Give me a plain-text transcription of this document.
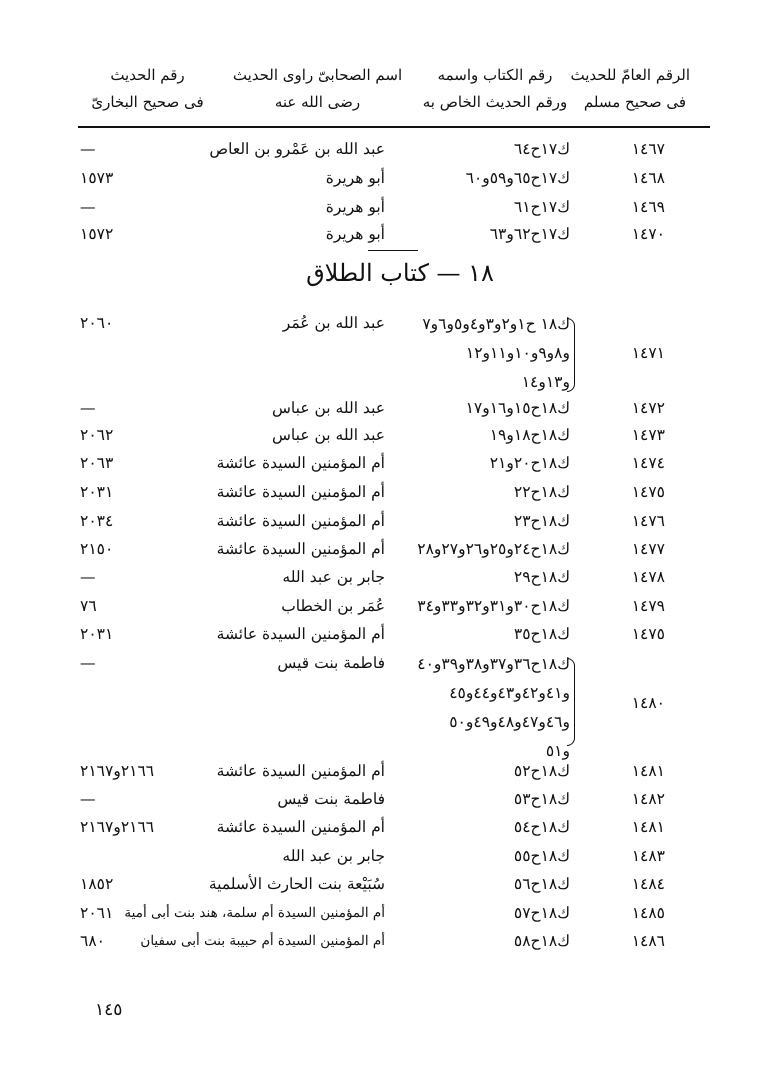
الرقم العامّ للحديث
فى صحيح مسلم
رقم الكتاب واسمه
ورقم الحديث الخاص به
اسم الصحابىّ راوى الحديث
رضى الله عنه
رقم الحديث
فى صحيح البخارىّ
١٤٦٧
ك١٧ح٦٤
عبد الله بن عَمْرو بن العاص
—
١٤٦٨
ك١٧ح٦٥و٥٩و٦٠
أبو هريرة
١٥٧٣
١٤٦٩
ك١٧ح٦١
أبو هريرة
—
١٤٧٠
ك١٧ح٦٢و٦٣
أبو هريرة
١٥٧٢
١٨ — كتاب الطلاق
١٤٧١
ك١٨ ح١و٢و٣و٤و٥و٦و٧
و٨و٩و١٠و١١و١٢
و١٣و١٤
عبد الله بن عُمَر
٢٠٦٠
١٤٧٢
ك١٨ح١٥و١٦و١٧
عبد الله بن عباس
—
١٤٧٣
ك١٨ح١٨و١٩
عبد الله بن عباس
٢٠٦٢
١٤٧٤
ك١٨ح٢٠و٢١
أم المؤمنين السيدة عائشة
٢٠٦٣
١٤٧٥
ك١٨ح٢٢
أم المؤمنين السيدة عائشة
٢٠٣١
١٤٧٦
ك١٨ح٢٣
أم المؤمنين السيدة عائشة
٢٠٣٤
١٤٧٧
ك١٨ح٢٤و٢٥و٢٦و٢٧و٢٨
أم المؤمنين السيدة عائشة
٢١٥٠
١٤٧٨
ك١٨ح٢٩
جابر بن عبد الله
—
١٤٧٩
ك١٨ح٣٠و٣١و٣٢و٣٣و٣٤
عُمَر بن الخطاب
٧٦
١٤٧٥
ك١٨ح٣٥
أم المؤمنين السيدة عائشة
٢٠٣١
١٤٨٠
ك١٨ح٣٦و٣٧و٣٨و٣٩و٤٠
و٤١و٤٢و٤٣و٤٤و٤٥
و٤٦و٤٧و٤٨و٤٩و٥٠
و٥١
فاطمة بنت قيس
—
١٤٨١
ك١٨ح٥٢
أم المؤمنين السيدة عائشة
٢١٦٦و٢١٦٧
١٤٨٢
ك١٨ح٥٣
فاطمة بنت قيس
—
١٤٨١
ك١٨ح٥٤
أم المؤمنين السيدة عائشة
٢١٦٦و٢١٦٧
١٤٨٣
ك١٨ح٥٥
جابر بن عبد الله
١٤٨٤
ك١٨ح٥٦
سُبَيْعة بنت الحارث الأسلمية
١٨٥٢
١٤٨٥
ك١٨ح٥٧
أم المؤمنين السيدة أم سلمة، هند بنت أبى أمية
٢٠٦١
١٤٨٦
ك١٨ح٥٨
أم المؤمنين السيدة أم حبيبة بنت أبى سفيان
٦٨٠
١٤٥
